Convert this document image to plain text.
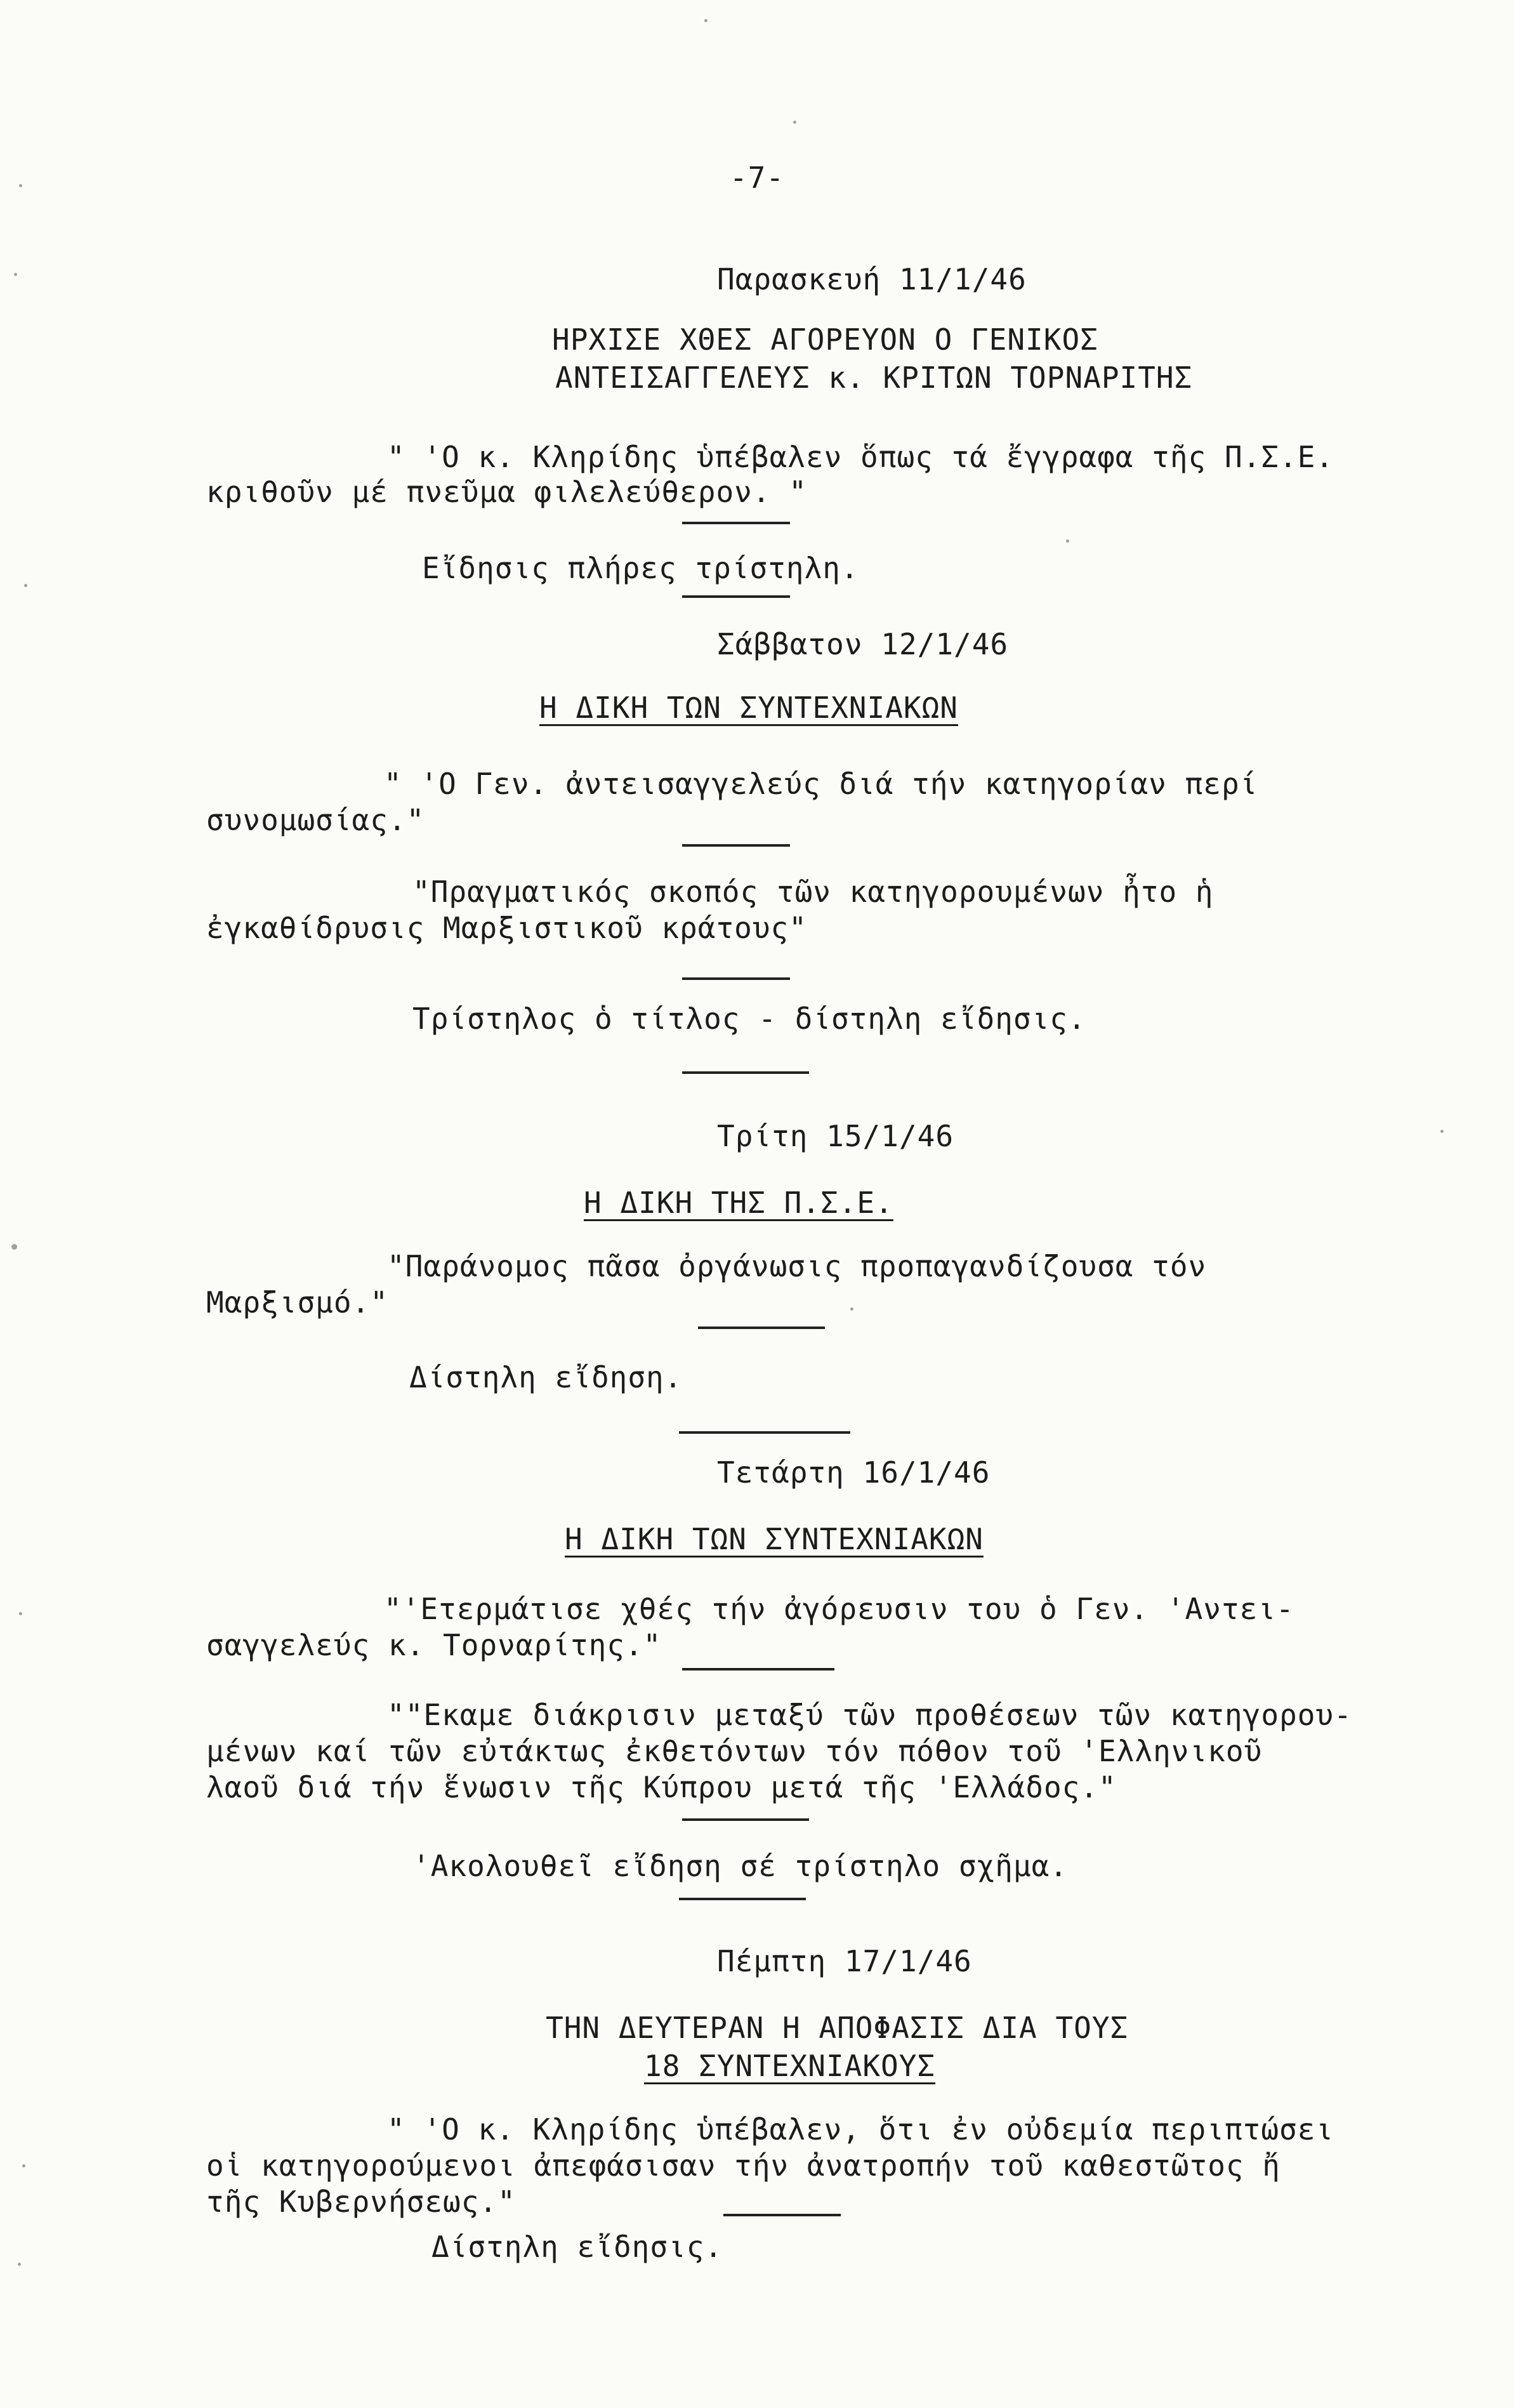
-7-
Παρασκευή 11/1/46
ΗΡΧΙΣΕ ΧΘΕΣ ΑΓΟΡΕΥΟΝ Ο ΓΕΝΙΚΟΣ
ΑΝΤΕΙΣΑΓΓΕΛΕΥΣ κ. ΚΡΙΤΩΝ ΤΟΡΝΑΡΙΤΗΣ
" 'Ο κ. Κληρίδης ὑπέβαλεν ὅπως τά ἔγγραφα τῆς Π.Σ.Ε.
κριθοῦν μέ πνεῦμα φιλελεύθερον. "
Εἴδησις πλήρες τρίστηλη.
Σάββατον 12/1/46
Η ΔΙΚΗ ΤΩΝ ΣΥΝΤΕΧΝΙΑΚΩΝ
" 'Ο Γεν. ἀντεισαγγελεύς διά τήν κατηγορίαν περί
συνομωσίας."
"Πραγματικός σκοπός τῶν κατηγορουμένων ἦτο ἡ
ἐγκαθίδρυσις Μαρξιστικοῦ κράτους"
Τρίστηλος ὁ τίτλος - δίστηλη εἴδησις.
Τρίτη 15/1/46
Η ΔΙΚΗ ΤΗΣ Π.Σ.Ε.
"Παράνομος πᾶσα ὀργάνωσις προπαγανδίζουσα τόν
Μαρξισμό."
Δίστηλη εἴδηση.
Τετάρτη 16/1/46
Η ΔΙΚΗ ΤΩΝ ΣΥΝΤΕΧΝΙΑΚΩΝ
"'Ετερμάτισε χθές τήν ἀγόρευσιν του ὁ Γεν. 'Αντει-
σαγγελεύς κ. Τορναρίτης."
""Εκαμε διάκρισιν μεταξύ τῶν προθέσεων τῶν κατηγορου-
μένων καί τῶν εὐτάκτως ἐκθετόντων τόν πόθον τοῦ 'Ελληνικοῦ
λαοῦ διά τήν ἕνωσιν τῆς Κύπρου μετά τῆς 'Ελλάδος."
'Ακολουθεῖ εἴδηση σέ τρίστηλο σχῆμα.
Πέμπτη 17/1/46
ΤΗΝ ΔΕΥΤΕΡΑΝ Η ΑΠΟΦΑΣΙΣ ΔΙΑ ΤΟΥΣ
18 ΣΥΝΤΕΧΝΙΑΚΟΥΣ
" 'Ο κ. Κληρίδης ὑπέβαλεν, ὅτι ἐν οὐδεμία περιπτώσει
οἱ κατηγορούμενοι ἀπεφάσισαν τήν ἀνατροπήν τοῦ καθεστῶτος ἤ
τῆς Κυβερνήσεως."
Δίστηλη εἴδησις.
